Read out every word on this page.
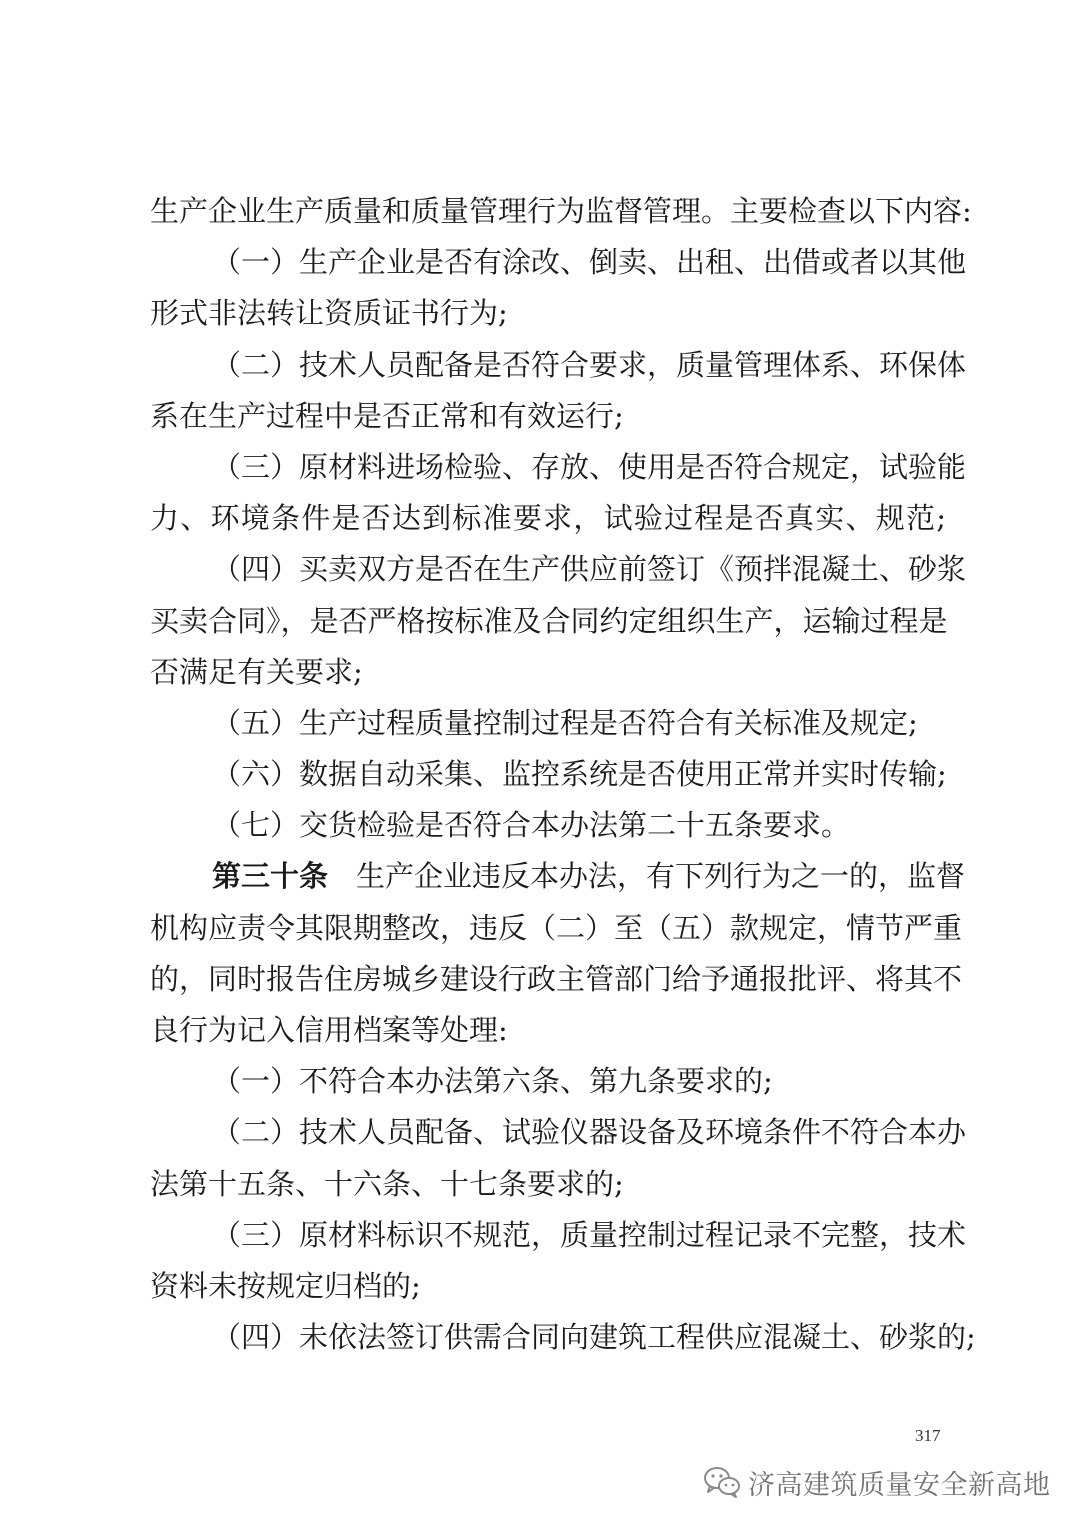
生产企业生产质量和质量管理行为监督管理。主要检查以下内容:
（一）生产企业是否有涂改、倒卖、出租、出借或者以其他
形式非法转让资质证书行为;
（二）技术人员配备是否符合要求，质量管理体系、环保体
系在生产过程中是否正常和有效运行;
（三）原材料进场检验、存放、使用是否符合规定，试验能
力、环境条件是否达到标准要求，试验过程是否真实、规范;
（四）买卖双方是否在生产供应前签订《预拌混凝土、砂浆
买卖合同》，是否严格按标准及合同约定组织生产，运输过程是
否满足有关要求;
（五）生产过程质量控制过程是否符合有关标准及规定;
（六）数据自动采集、监控系统是否使用正常并实时传输;
（七）交货检验是否符合本办法第二十五条要求。
第三十条 生产企业违反本办法，有下列行为之一的，监督
机构应责令其限期整改，违反（二）至（五）款规定，情节严重
的，同时报告住房城乡建设行政主管部门给予通报批评、将其不
良行为记入信用档案等处理:
（一）不符合本办法第六条、第九条要求的;
（二）技术人员配备、试验仪器设备及环境条件不符合本办
法第十五条、十六条、十七条要求的;
（三）原材料标识不规范，质量控制过程记录不完整，技术
资料未按规定归档的;
（四）未依法签订供需合同向建筑工程供应混凝土、砂浆的;
317
济高建筑质量安全新高地
